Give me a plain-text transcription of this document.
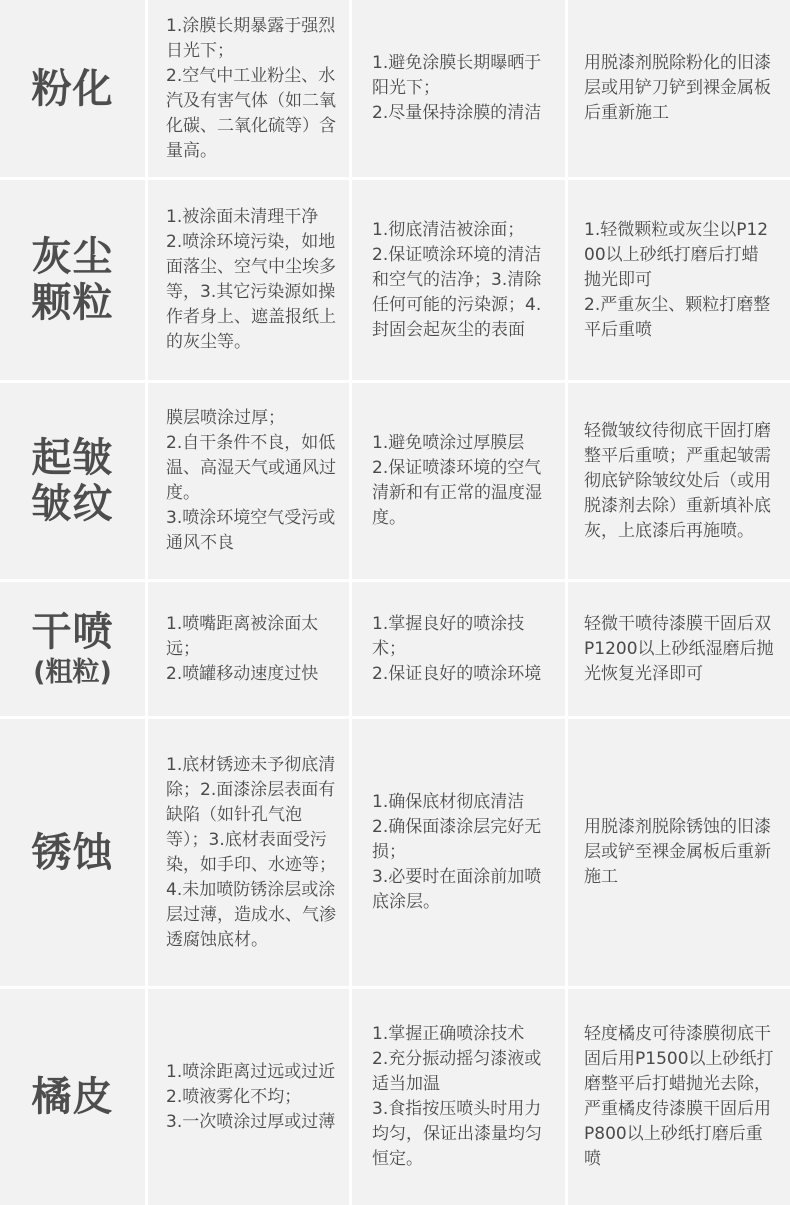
粉化
1.涂膜长期暴露于强烈日光下；
2.空气中工业粉尘、水汽及有害气体（如二氧化碳、二氧化硫等）含量高。
1.避免涂膜长期曝晒于阳光下；
2.尽量保持涂膜的清洁
用脱漆剂脱除粉化的旧漆层或用铲刀铲到裸金属板后重新施工
灰尘颗粒
1.被涂面未清理干净
2.喷涂环境污染，如地面落尘、空气中尘埃多等，3.其它污染源如操作者身上、遮盖报纸上的灰尘等。
1.彻底清洁被涂面；
2.保证喷涂环境的清洁和空气的洁净；3.清除任何可能的污染源；4.封固会起灰尘的表面
1.轻微颗粒或灰尘以P1200以上砂纸打磨后打蜡抛光即可
2.严重灰尘、颗粒打磨整平后重喷
起皱皱纹
膜层喷涂过厚；
2.自干条件不良，如低温、高湿天气或通风过度。
3.喷涂环境空气受污或通风不良
1.避免喷涂过厚膜层
2.保证喷漆环境的空气清新和有正常的温度湿度。
轻微皱纹待彻底干固打磨整平后重喷；严重起皱需彻底铲除皱纹处后（或用脱漆剂去除）重新填补底灰，上底漆后再施喷。
干喷
(粗粒)
1.喷嘴距离被涂面太远；
2.喷罐移动速度过快
1.掌握良好的喷涂技术；
2.保证良好的喷涂环境
轻微干喷待漆膜干固后双P1200以上砂纸湿磨后抛光恢复光泽即可
锈蚀
1.底材锈迹未予彻底清除；2.面漆涂层表面有缺陷（如针孔气泡等）；3.底材表面受污染，如手印、水迹等；4.未加喷防锈涂层或涂层过薄，造成水、气渗透腐蚀底材。
1.确保底材彻底清洁
2.确保面漆涂层完好无损；
3.必要时在面涂前加喷底涂层。
用脱漆剂脱除锈蚀的旧漆层或铲至裸金属板后重新施工
橘皮
1.喷涂距离过远或过近
2.喷液雾化不均；
3.一次喷涂过厚或过薄
1.掌握正确喷涂技术
2.充分振动摇匀漆液或适当加温
3.食指按压喷头时用力均匀，保证出漆量均匀恒定。
轻度橘皮可待漆膜彻底干固后用P1500以上砂纸打磨整平后打蜡抛光去除，严重橘皮待漆膜干固后用P800以上砂纸打磨后重喷
